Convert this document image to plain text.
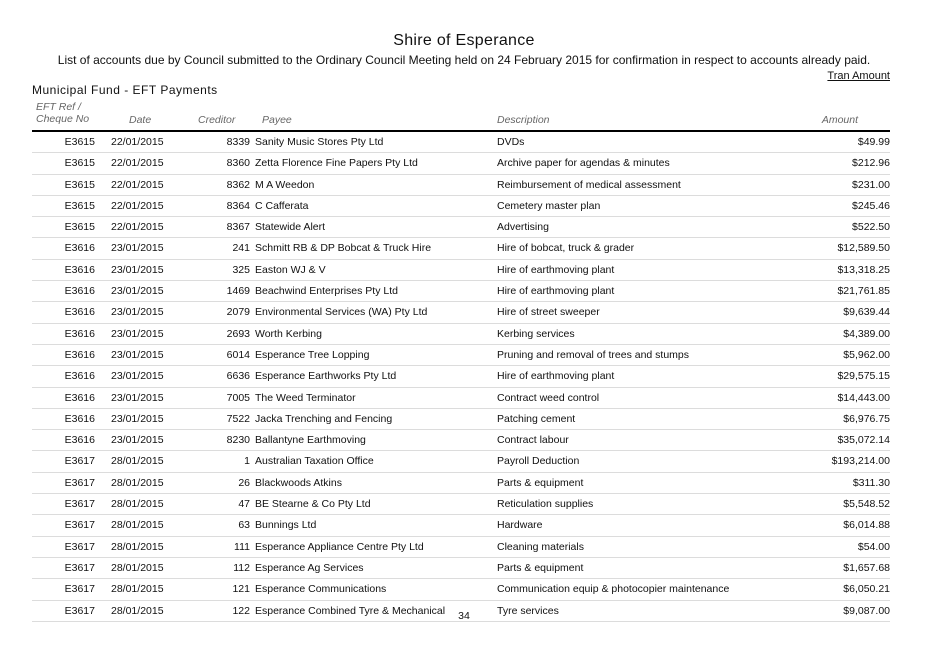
Shire of Esperance
List of accounts due by Council submitted to the Ordinary Council Meeting held on 24 February 2015 for confirmation in respect to accounts already paid.
Tran Amount
Municipal Fund - EFT Payments
EFT Ref /
Cheque No	Date	Creditor	Payee	Description	Amount
E3615 22/01/2015	8339 Sanity Music Stores Pty Ltd	DVDs	$49.99
E3615 22/01/2015	8360 Zetta Florence Fine Papers Pty Ltd	Archive paper for agendas & minutes	$212.96
E3615 22/01/2015	8362 M A Weedon	Reimbursement of medical assessment	$231.00
E3615 22/01/2015	8364 C Cafferata	Cemetery master plan	$245.46
E3615 22/01/2015	8367 Statewide Alert	Advertising	$522.50
E3616 23/01/2015	241 Schmitt RB & DP Bobcat & Truck Hire	Hire of bobcat, truck & grader	$12,589.50
E3616 23/01/2015	325 Easton WJ & V	Hire of earthmoving plant	$13,318.25
E3616 23/01/2015	1469 Beachwind Enterprises Pty Ltd	Hire of earthmoving plant	$21,761.85
E3616 23/01/2015	2079 Environmental Services (WA) Pty Ltd	Hire of street sweeper	$9,639.44
E3616 23/01/2015	2693 Worth Kerbing	Kerbing services	$4,389.00
E3616 23/01/2015	6014 Esperance Tree Lopping	Pruning and removal of trees and stumps	$5,962.00
E3616 23/01/2015	6636 Esperance Earthworks Pty Ltd	Hire of earthmoving plant	$29,575.15
E3616 23/01/2015	7005 The Weed Terminator	Contract weed control	$14,443.00
E3616 23/01/2015	7522 Jacka Trenching and Fencing	Patching cement	$6,976.75
E3616 23/01/2015	8230 Ballantyne Earthmoving	Contract labour	$35,072.14
E3617 28/01/2015	1 Australian Taxation Office	Payroll Deduction	$193,214.00
E3617 28/01/2015	26 Blackwoods Atkins	Parts & equipment	$311.30
E3617 28/01/2015	47 BE Stearne & Co Pty Ltd	Reticulation supplies	$5,548.52
E3617 28/01/2015	63 Bunnings Ltd	Hardware	$6,014.88
E3617 28/01/2015	111 Esperance Appliance Centre Pty Ltd	Cleaning materials	$54.00
E3617 28/01/2015	112 Esperance Ag Services	Parts & equipment	$1,657.68
E3617 28/01/2015	121 Esperance Communications	Communication equip & photocopier maintenance	$6,050.21
E3617 28/01/2015	122 Esperance Combined Tyre & Mechanical	Tyre services	$9,087.00
34
